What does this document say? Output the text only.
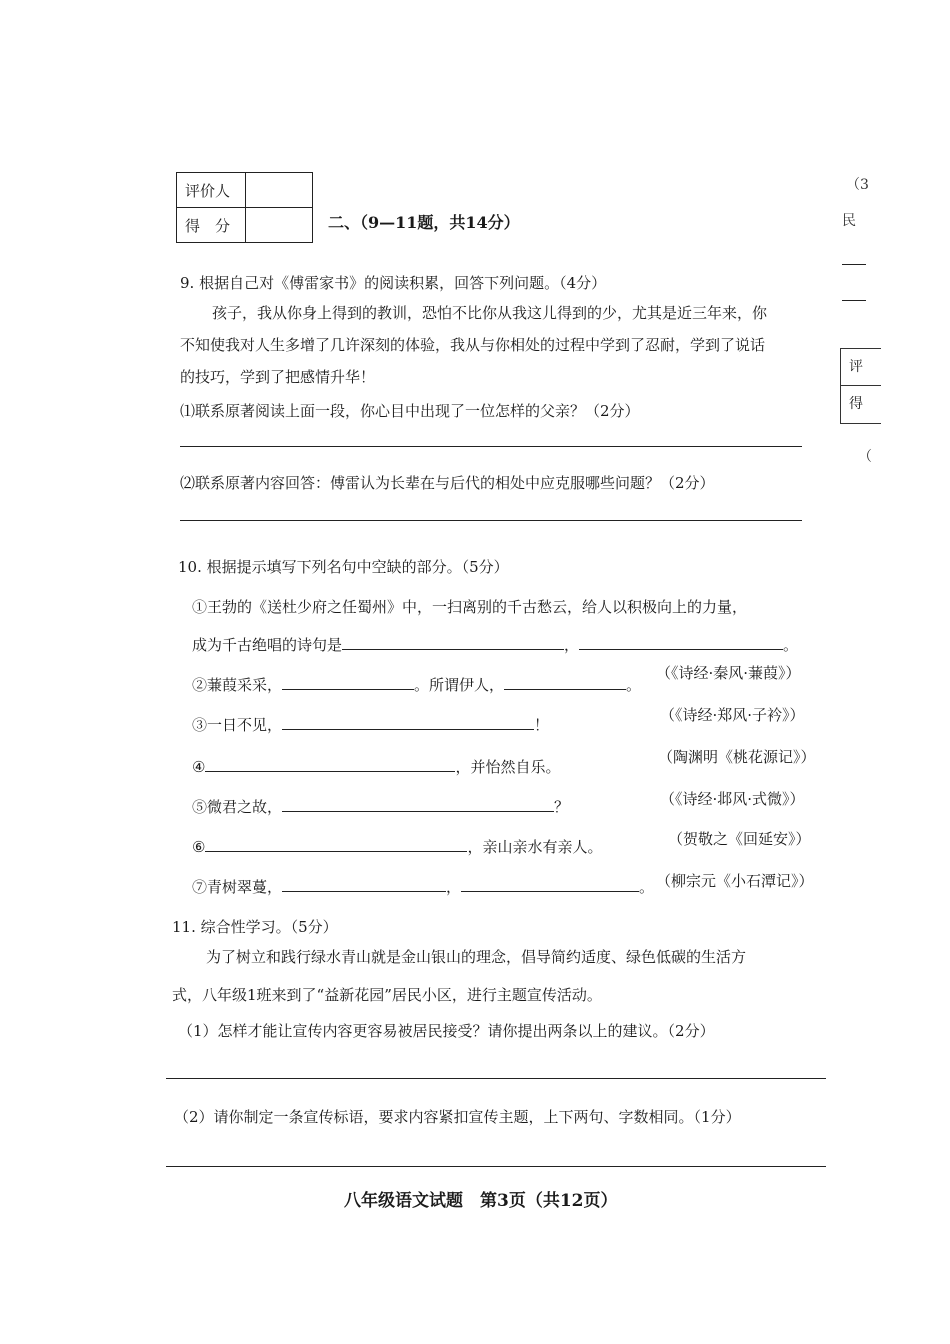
评价人	
得　分		二、（9—11题，共14分）
（3
民
评
得
（
9. 根据自己对《傅雷家书》的阅读积累，回答下列问题。（4分）
孩子，我从你身上得到的教训，恐怕不比你从我这儿得到的少，尤其是近三年来，你
不知使我对人生多增了几许深刻的体验，我从与你相处的过程中学到了忍耐，学到了说话
的技巧，学到了把感情升华！
⑴联系原著阅读上面一段，你心目中出现了一位怎样的父亲？（2分）
⑵联系原著内容回答：傅雷认为长辈在与后代的相处中应克服哪些问题？（2分）
10. 根据提示填写下列名句中空缺的部分。（5分）
①王勃的《送杜少府之任蜀州》中，一扫离别的千古愁云，给人以积极向上的力量，
成为千古绝唱的诗句是	，	。
②蒹葭采采，	。所谓伊人，	。
（《诗经·秦风·蒹葭》）
③一日不见，	！
（《诗经·郑风·子衿》）
④	，并怡然自乐。
（陶渊明《桃花源记》）
⑤微君之故，	？	（《诗经·邶风·式微》）
⑥	，亲山亲水有亲人。	（贺敬之《回延安》）
⑦青树翠蔓，	，	。 （柳宗元《小石潭记》）
11. 综合性学习。（5分）
为了树立和践行绿水青山就是金山银山的理念，倡导简约适度、绿色低碳的生活方
式，八年级1班来到了“益新花园”居民小区，进行主题宣传活动。
（1）怎样才能让宣传内容更容易被居民接受？请你提出两条以上的建议。（2分）
（2）请你制定一条宣传标语，要求内容紧扣宣传主题，上下两句、字数相同。（1分）
八年级语文试题　第3页（共12页）
